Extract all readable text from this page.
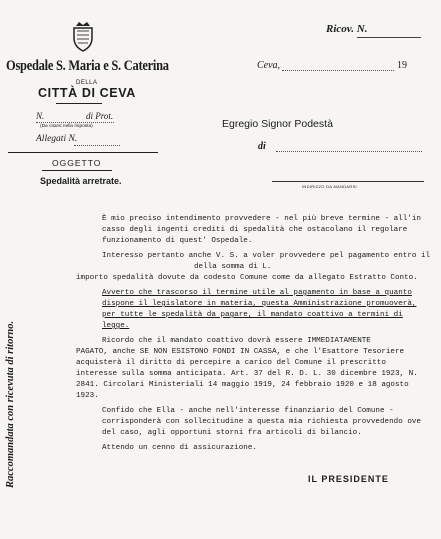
Ospedale S. Maria e S. Caterina
DELLA
CITTÀ DI CEVA
N.	di Prot.
(Da citarsi nella risposta)
Allegati N.
OGGETTO
Spedalità arretrate.
Ricov. N.
Ceva,	19
Egregio Signor Podestà
di
INDIRIZZO DA MANDARSI
Raccomandata con ricevuta di ritorno.

È mio preciso intendimento provvedere - nel più breve termine - all'in casso degli ingenti crediti di spedalità che ostacolano il regolare funzionamento di quest' Ospedale.

Interesso pertanto anche V. S. a voler provvedere pel pagamento entro il
della somma di L.
importo spedalità dovute da codesto Comune come da allegato Estratto Conto.

Avverto che trascorso il termine utile al pagamento in base a quanto dispone il legislatore in materia, questa Amministrazione promuoverà, per tutte le spedalità da pagare, il mandato coattivo a termini di legge.

Ricordo che il mandato coattivo dovrà essere IMMEDIATAMENTE
PAGATO, anche SE NON ESISTONO FONDI IN CASSA, e che l'Esattore Tesoriere acquisterà il diritto di percepire a carico del Comune il prescritto interesse sulla somma anticipata. Art. 37 del R. D. L. 30 dicembre 1923, N. 2841. Circolari Ministeriali 14 maggio 1919, 24 febbraio 1920 e 18 agosto 1923.

Confido che Ella - anche nell'interesse finanziario del Comune - corrisponderà con sollecitudine a questa mia richiesta provvedendo ove del caso, agli opportuni storni fra articoli di bilancio.

Attendo un cenno di assicurazione.

IL PRESIDENTE
